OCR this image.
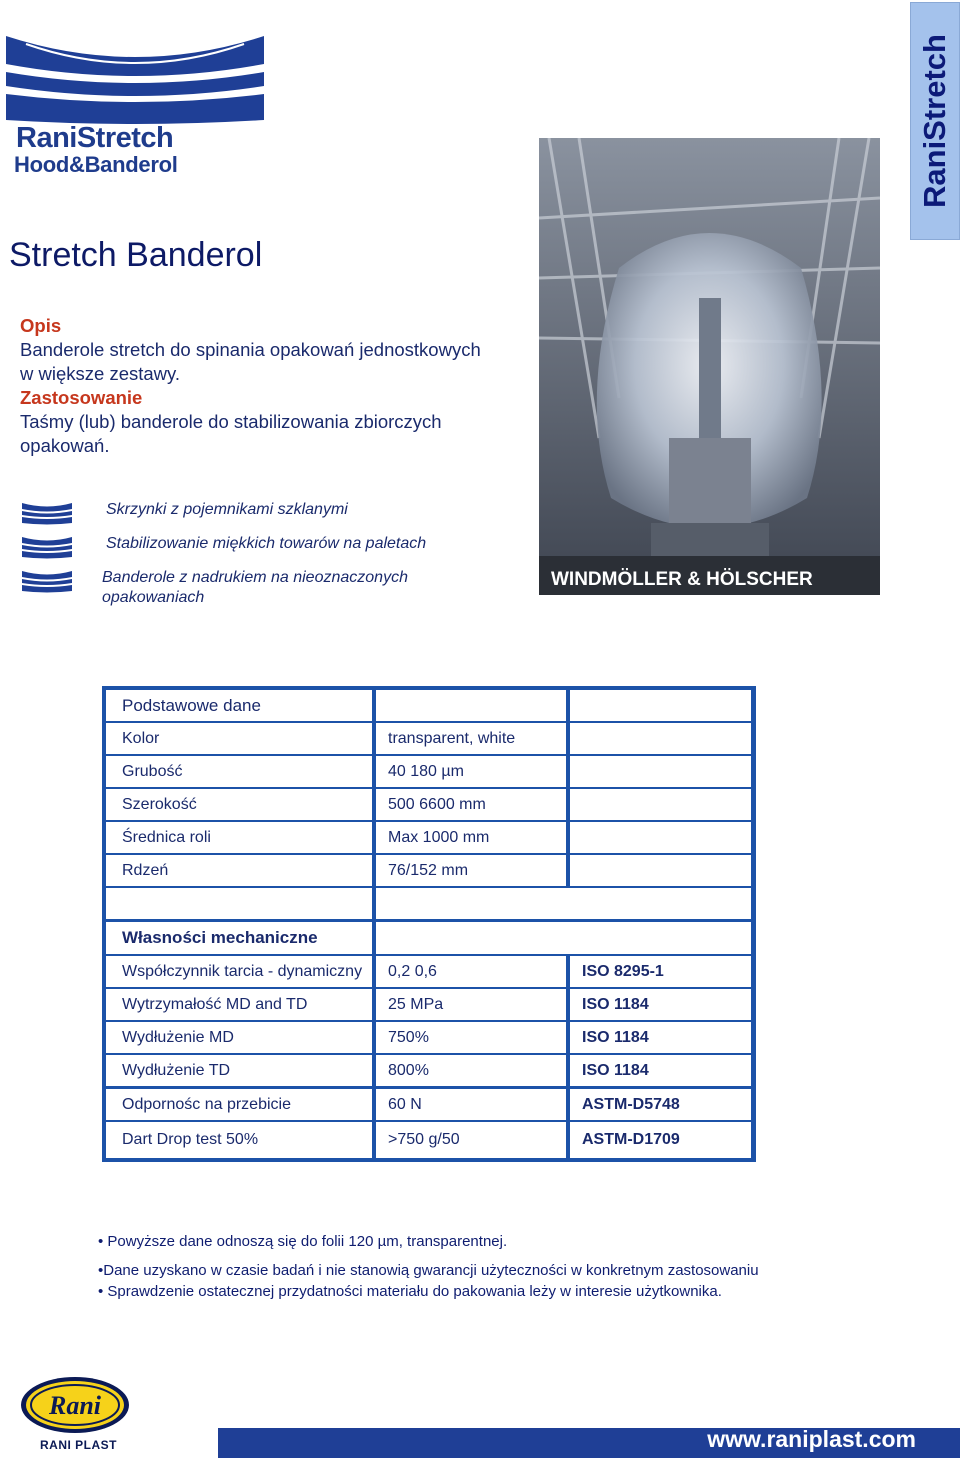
RaniStretch
Hood&Banderol	RaniStretch
Stretch Banderol
Opis
Banderole stretch do spinania opakowań jednostkowych
w większe zestawy.
Zastosowanie
Taśmy (lub) banderole do stabilizowania zbiorczych
opakowań.
Skrzynki z pojemnikami szklanymi
Stabilizowanie miękkich towarów na paletach
Banderole z nadrukiem na nieoznaczonych
opakowaniach
WINDMÖLLER & HÖLSCHER
Podstawowe dane
Kolor	transparent, white
Grubość	40 180 µm
Szerokość	500 6600 mm
Średnica roli	Max 1000 mm
Rdzeń	76/152 mm
Własności mechaniczne
Współczynnik tarcia - dynamiczny	0,2 0,6	ISO 8295-1
Wytrzymałość MD and TD	25 MPa	ISO 1184
Wydłużenie MD	750%	ISO 1184
Wydłużenie TD	800%	ISO 1184
Odpornośc na przebicie	60 N	ASTM-D5748
Dart Drop test 50%	>750 g/50	ASTM-D1709
• Powyższe dane odnoszą się do folii 120 µm, transparentnej.
•Dane uzyskano w czasie badań i nie stanowią gwarancji użyteczności w konkretnym zastosowaniu
• Sprawdzenie ostatecznej przydatności materiału do pakowania leży w interesie użytkownika.
www.raniplast.com
Rani
RANI PLAST
